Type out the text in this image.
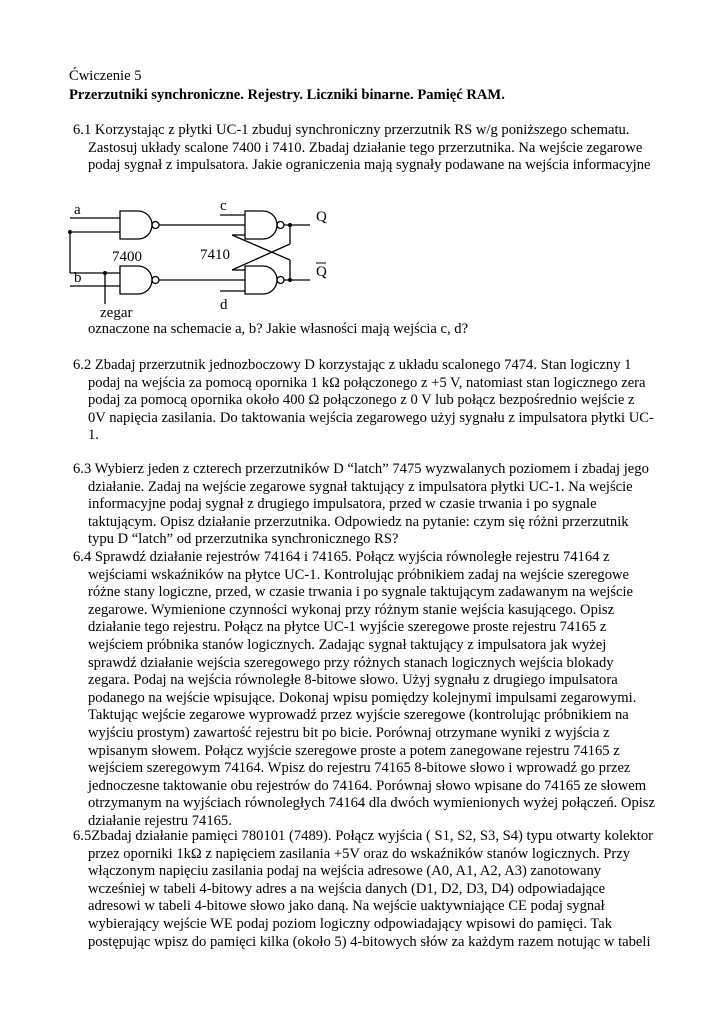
Ćwiczenie 5
Przerzutniki synchroniczne. Rejestry. Liczniki binarne. Pamięć RAM.
6.1 Korzystając z płytki UC-1 zbuduj synchroniczny przerzutnik RS w/g poniższego schematu.
Zastosuj układy scalone 7400 i 7410. Zbadaj działanie tego przerzutnika. Na wejście zegarowe
podaj sygnał z impulsatora. Jakie ograniczenia mają sygnały podawane na wejścia informacyjne
a
b
c
d
Q
Q
7400	7410
zegar
oznaczone na schemacie a, b? Jakie własności mają wejścia c, d?
6.2 Zbadaj przerzutnik jednozboczowy D korzystając z układu scalonego 7474. Stan logiczny 1
podaj na wejścia za pomocą opornika 1 kΩ połączonego z +5 V, natomiast stan logicznego zera
podaj za pomocą opornika około 400 Ω połączonego z 0 V lub połącz bezpośrednio wejście z
0V napięcia zasilania. Do taktowania wejścia zegarowego użyj sygnału z impulsatora płytki UC-
1.
6.3 Wybierz jeden z czterech przerzutników D “latch” 7475 wyzwalanych poziomem i zbadaj jego
działanie. Zadaj na wejście zegarowe sygnał taktujący z impulsatora płytki UC-1. Na wejście
informacyjne podaj sygnał z drugiego impulsatora, przed w czasie trwania i po sygnale
taktującym. Opisz działanie przerzutnika. Odpowiedz na pytanie: czym się różni przerzutnik
typu D “latch” od przerzutnika synchronicznego RS?
6.4 Sprawdź działanie rejestrów 74164 i 74165. Połącz wyjścia równoległe rejestru 74164 z
wejściami wskaźników na płytce UC-1. Kontrolując próbnikiem zadaj na wejście szeregowe
różne stany logiczne, przed, w czasie trwania i po sygnale taktującym zadawanym na wejście
zegarowe. Wymienione czynności wykonaj przy różnym stanie wejścia kasującego. Opisz
działanie tego rejestru. Połącz na płytce UC-1 wyjście szeregowe proste rejestru 74165 z
wejściem próbnika stanów logicznych. Zadając sygnał taktujący z impulsatora jak wyżej
sprawdź działanie wejścia szeregowego przy różnych stanach logicznych wejścia blokady
zegara. Podaj na wejścia równoległe 8-bitowe słowo. Użyj sygnału z drugiego impulsatora
podanego na wejście wpisujące. Dokonaj wpisu pomiędzy kolejnymi impulsami zegarowymi.
Taktując wejście zegarowe wyprowadź przez wyjście szeregowe (kontrolując próbnikiem na
wyjściu prostym) zawartość rejestru bit po bicie. Porównaj otrzymane wyniki z wyjścia z
wpisanym słowem. Połącz wyjście szeregowe proste a potem zanegowane rejestru 74165 z
wejściem szeregowym 74164. Wpisz do rejestru 74165 8-bitowe słowo i wprowadź go przez
jednoczesne taktowanie obu rejestrów do 74164. Porównaj słowo wpisane do 74165 ze słowem
otrzymanym na wyjściach równoległych 74164 dla dwóch wymienionych wyżej połączeń. Opisz
działanie rejestru 74165.
6.5Zbadaj działanie pamięci 780101 (7489). Połącz wyjścia ( S1, S2, S3, S4) typu otwarty kolektor
przez oporniki 1kΩ z napięciem zasilania +5V oraz do wskaźników stanów logicznych. Przy
włączonym napięciu zasilania podaj na wejścia adresowe (A0, A1, A2, A3) zanotowany
wcześniej w tabeli 4-bitowy adres a na wejścia danych (D1, D2, D3, D4) odpowiadające
adresowi w tabeli 4-bitowe słowo jako daną. Na wejście uaktywniające CE podaj sygnał
wybierający wejście WE podaj poziom logiczny odpowiadający wpisowi do pamięci. Tak
postępując wpisz do pamięci kilka (około 5) 4-bitowych słów za każdym razem notując w tabeli
